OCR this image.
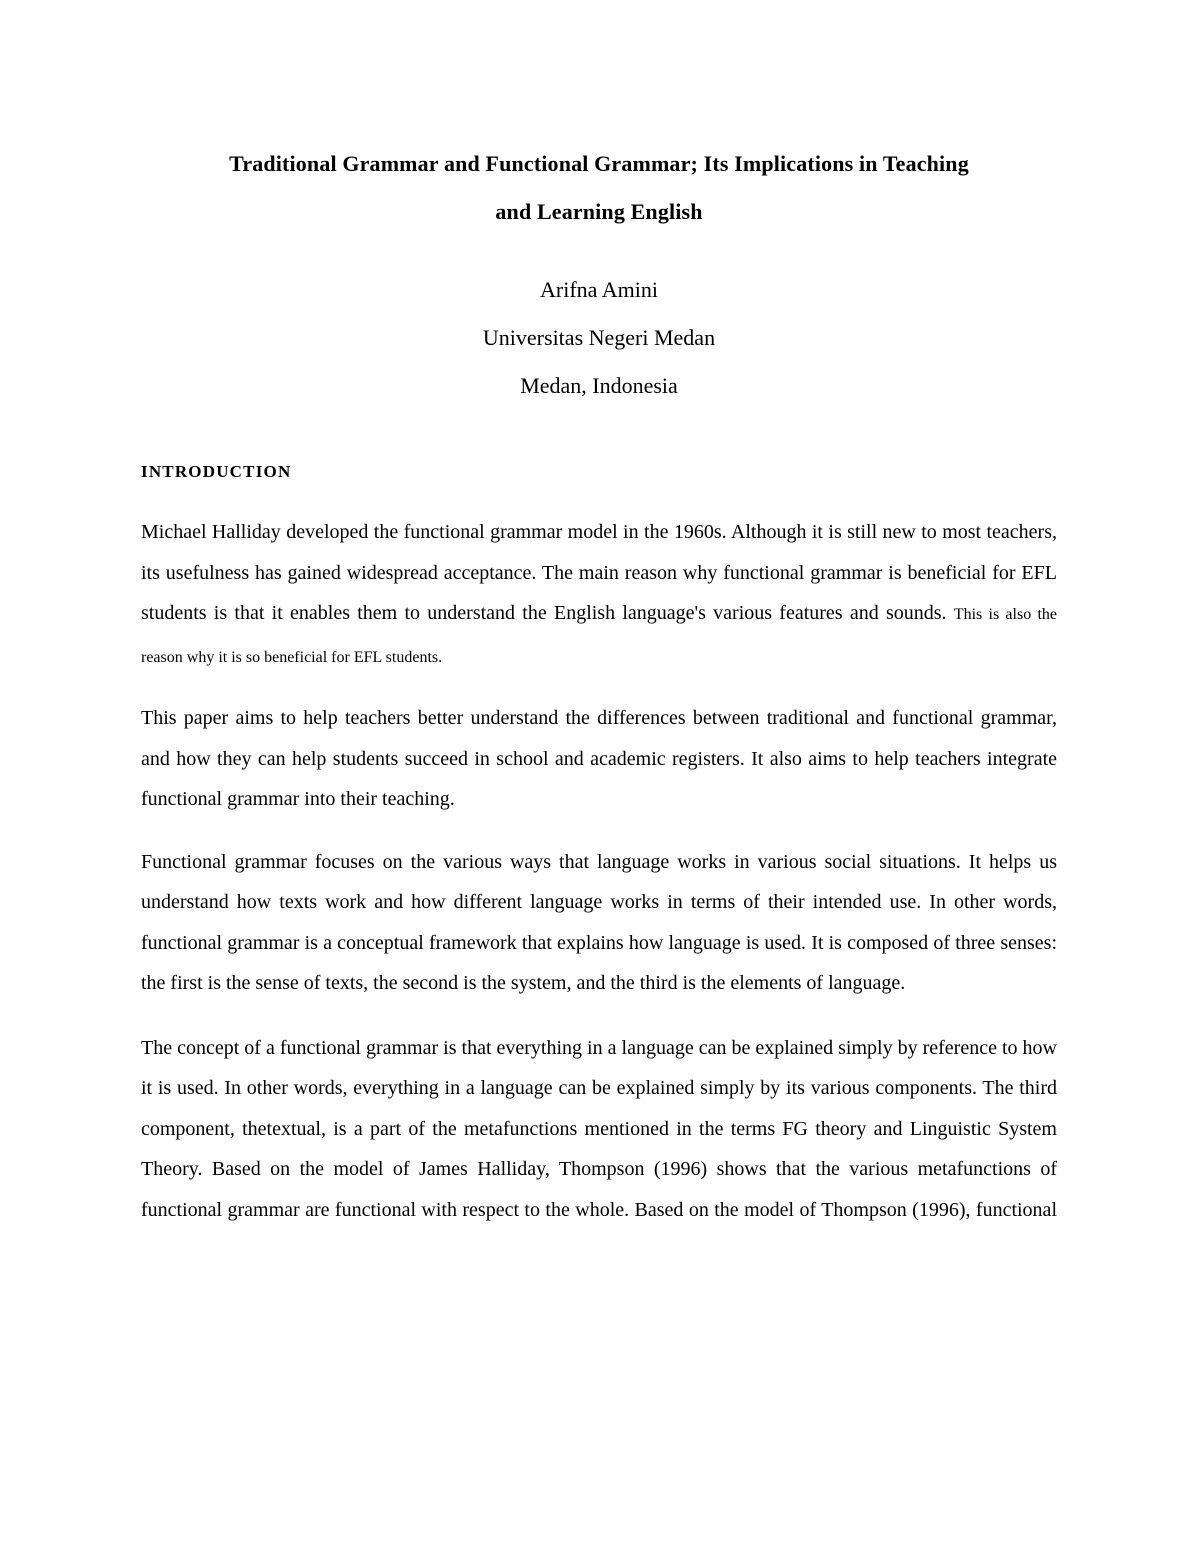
Traditional Grammar and Functional Grammar; Its Implications in Teaching

and Learning English

Arifna Amini
Universitas Negeri Medan
Medan, Indonesia
INTRODUCTION

Michael Halliday developed the functional grammar model in the 1960s. Although it is still new to most teachers, its usefulness has gained widespread acceptance. The main reason why functional grammar is beneficial for EFL students is that it enables them to understand the English language's various features and sounds. This is also the reason why it is so beneficial for EFL students.

This paper aims to help teachers better understand the differences between traditional and functional grammar, and how they can help students succeed in school and academic registers. It also aims to help teachers integrate functional grammar into their teaching.

Functional grammar focuses on the various ways that language works in various social situations. It helps us understand how texts work and how different language works in terms of their intended use. In other words, functional grammar is a conceptual framework that explains how language is used. It is composed of three senses: the first is the sense of texts, the second is the system, and the third is the elements of language.

The concept of a functional grammar is that everything in a language can be explained simply by reference to how it is used. In other words, everything in a language can be explained simply by its various components. The third component, thetextual, is a part of the metafunctions mentioned in the terms FG theory and Linguistic System Theory. Based on the model of James Halliday, Thompson (1996) shows that the various metafunctions of functional grammar are functional with respect to the whole. Based on the model of Thompson (1996), functional
